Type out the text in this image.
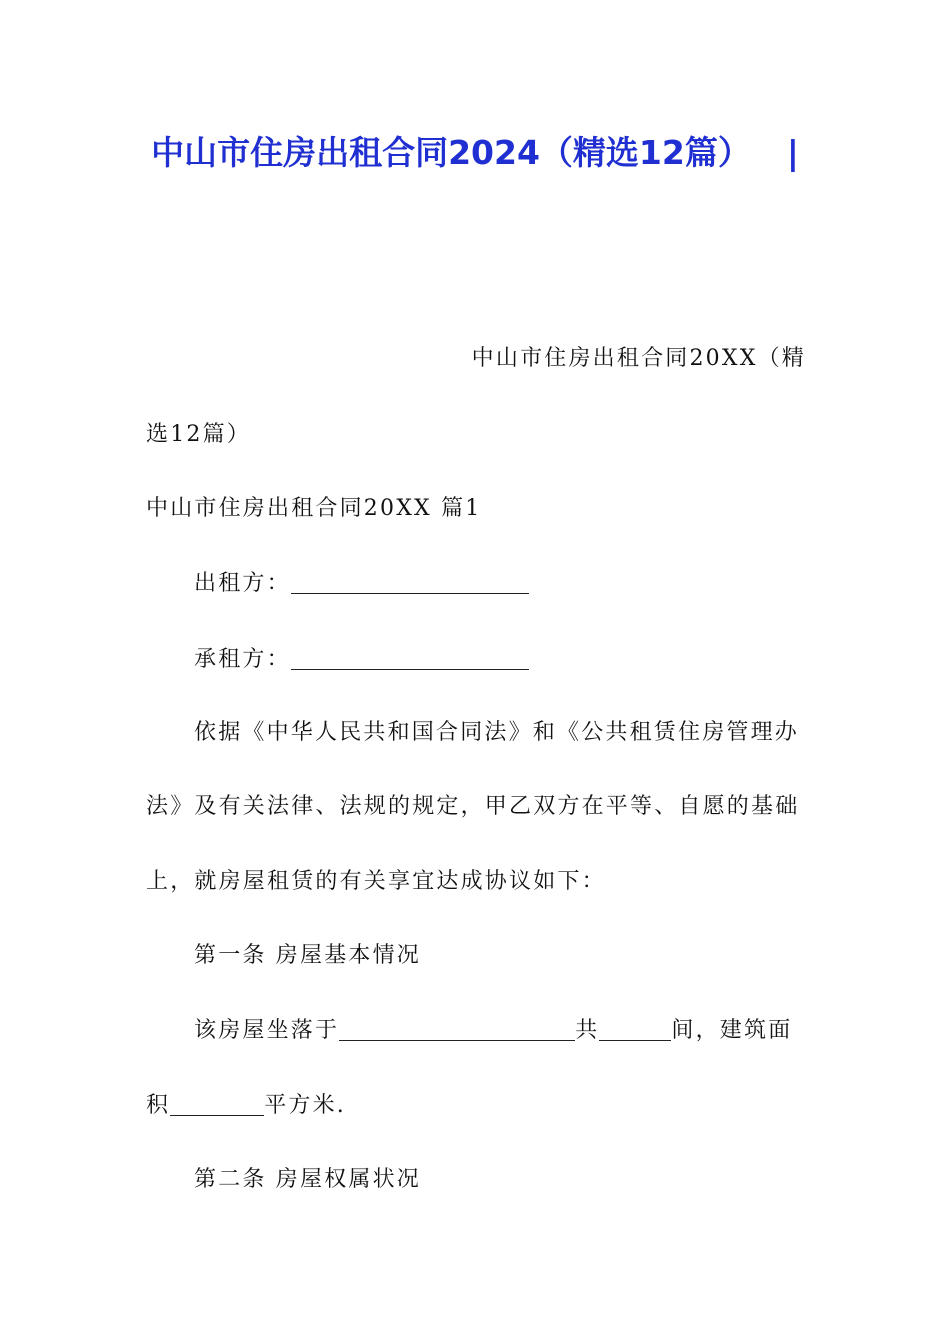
中山市住房出租合同2024（精选12篇） |
中山市住房出租合同20XX（精
选12篇）
中山市住房出租合同20XX 篇1
出租方：
承租方：
依据《中华人民共和国合同法》和《公共租赁住房管理办
法》及有关法律、法规的规定，甲乙双方在平等、自愿的基础
上，就房屋租赁的有关享宜达成协议如下：
第一条 房屋基本情况
该房屋坐落于	共	间，建筑面
积	平方米.
第二条 房屋权属状况
